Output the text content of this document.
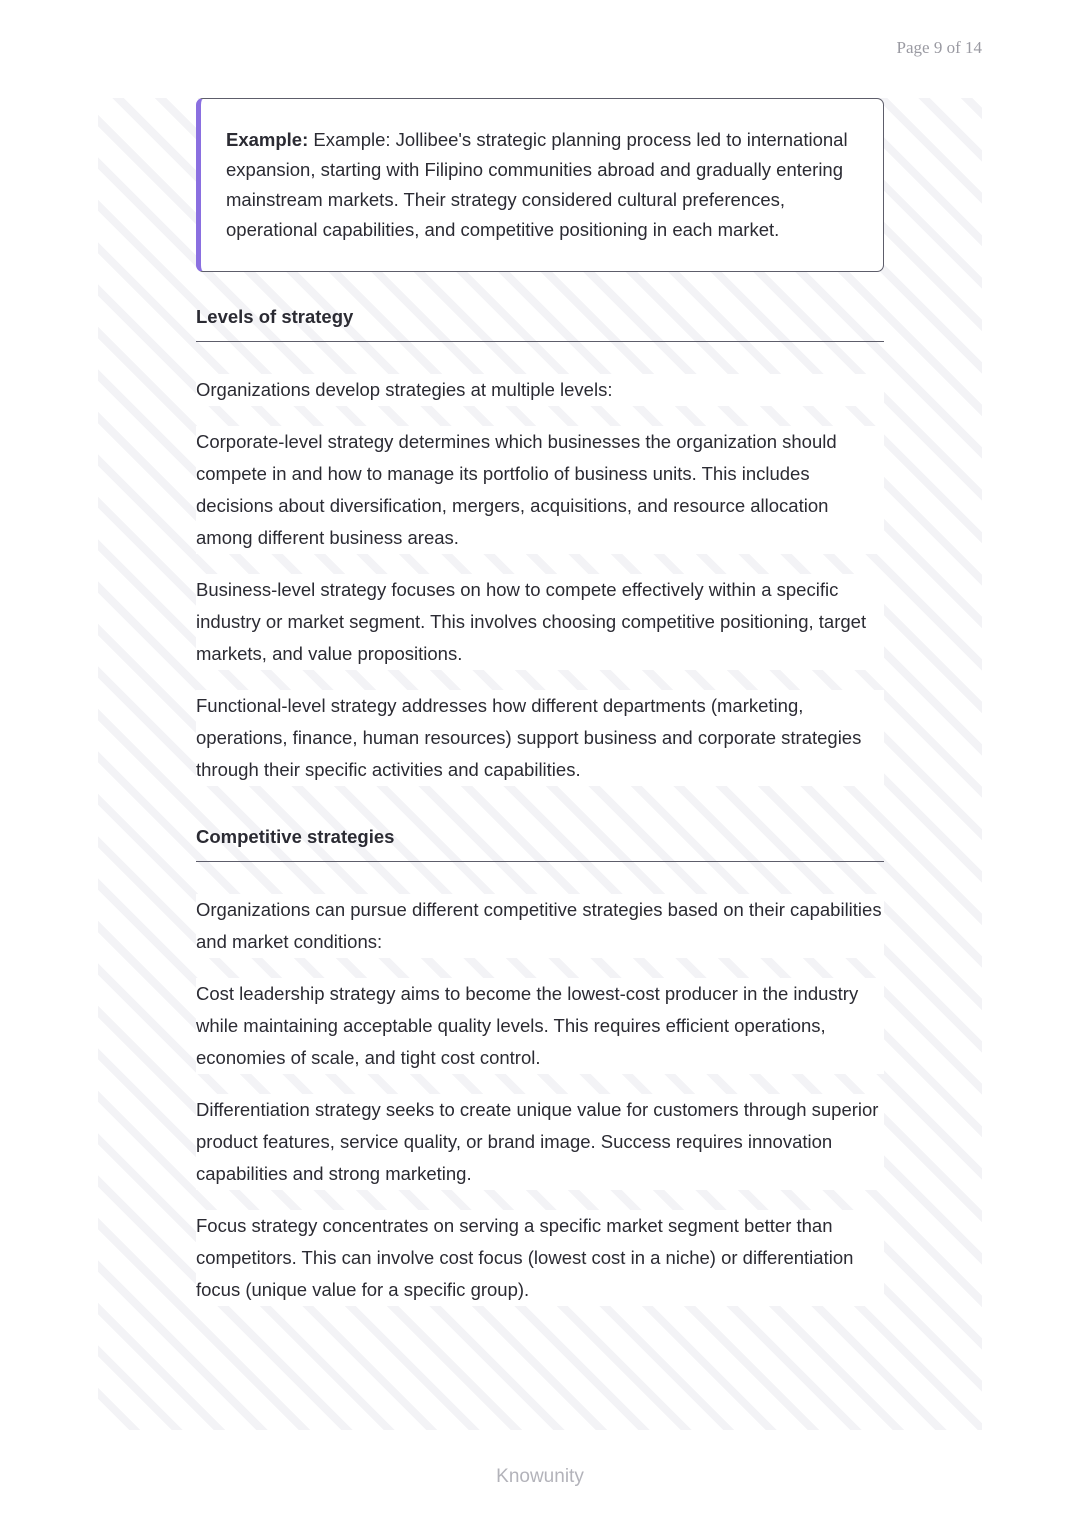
Page 9 of 14
Example: Example: Jollibee's strategic planning process led to international expansion, starting with Filipino communities abroad and gradually entering mainstream markets. Their strategy considered cultural preferences, operational capabilities, and competitive positioning in each market.
Levels of strategy

Organizations develop strategies at multiple levels:

Corporate-level strategy determines which businesses the organization should compete in and how to manage its portfolio of business units. This includes decisions about diversification, mergers, acquisitions, and resource allocation among different business areas.

Business-level strategy focuses on how to compete effectively within a specific industry or market segment. This involves choosing competitive positioning, target markets, and value propositions.

Functional-level strategy addresses how different departments (marketing, operations, finance, human resources) support business and corporate strategies through their specific activities and capabilities.

Competitive strategies

Organizations can pursue different competitive strategies based on their capabilities and market conditions:

Cost leadership strategy aims to become the lowest-cost producer in the industry while maintaining acceptable quality levels. This requires efficient operations, economies of scale, and tight cost control.

Differentiation strategy seeks to create unique value for customers through superior product features, service quality, or brand image. Success requires innovation capabilities and strong marketing.

Focus strategy concentrates on serving a specific market segment better than competitors. This can involve cost focus (lowest cost in a niche) or differentiation focus (unique value for a specific group).

Knowunity
